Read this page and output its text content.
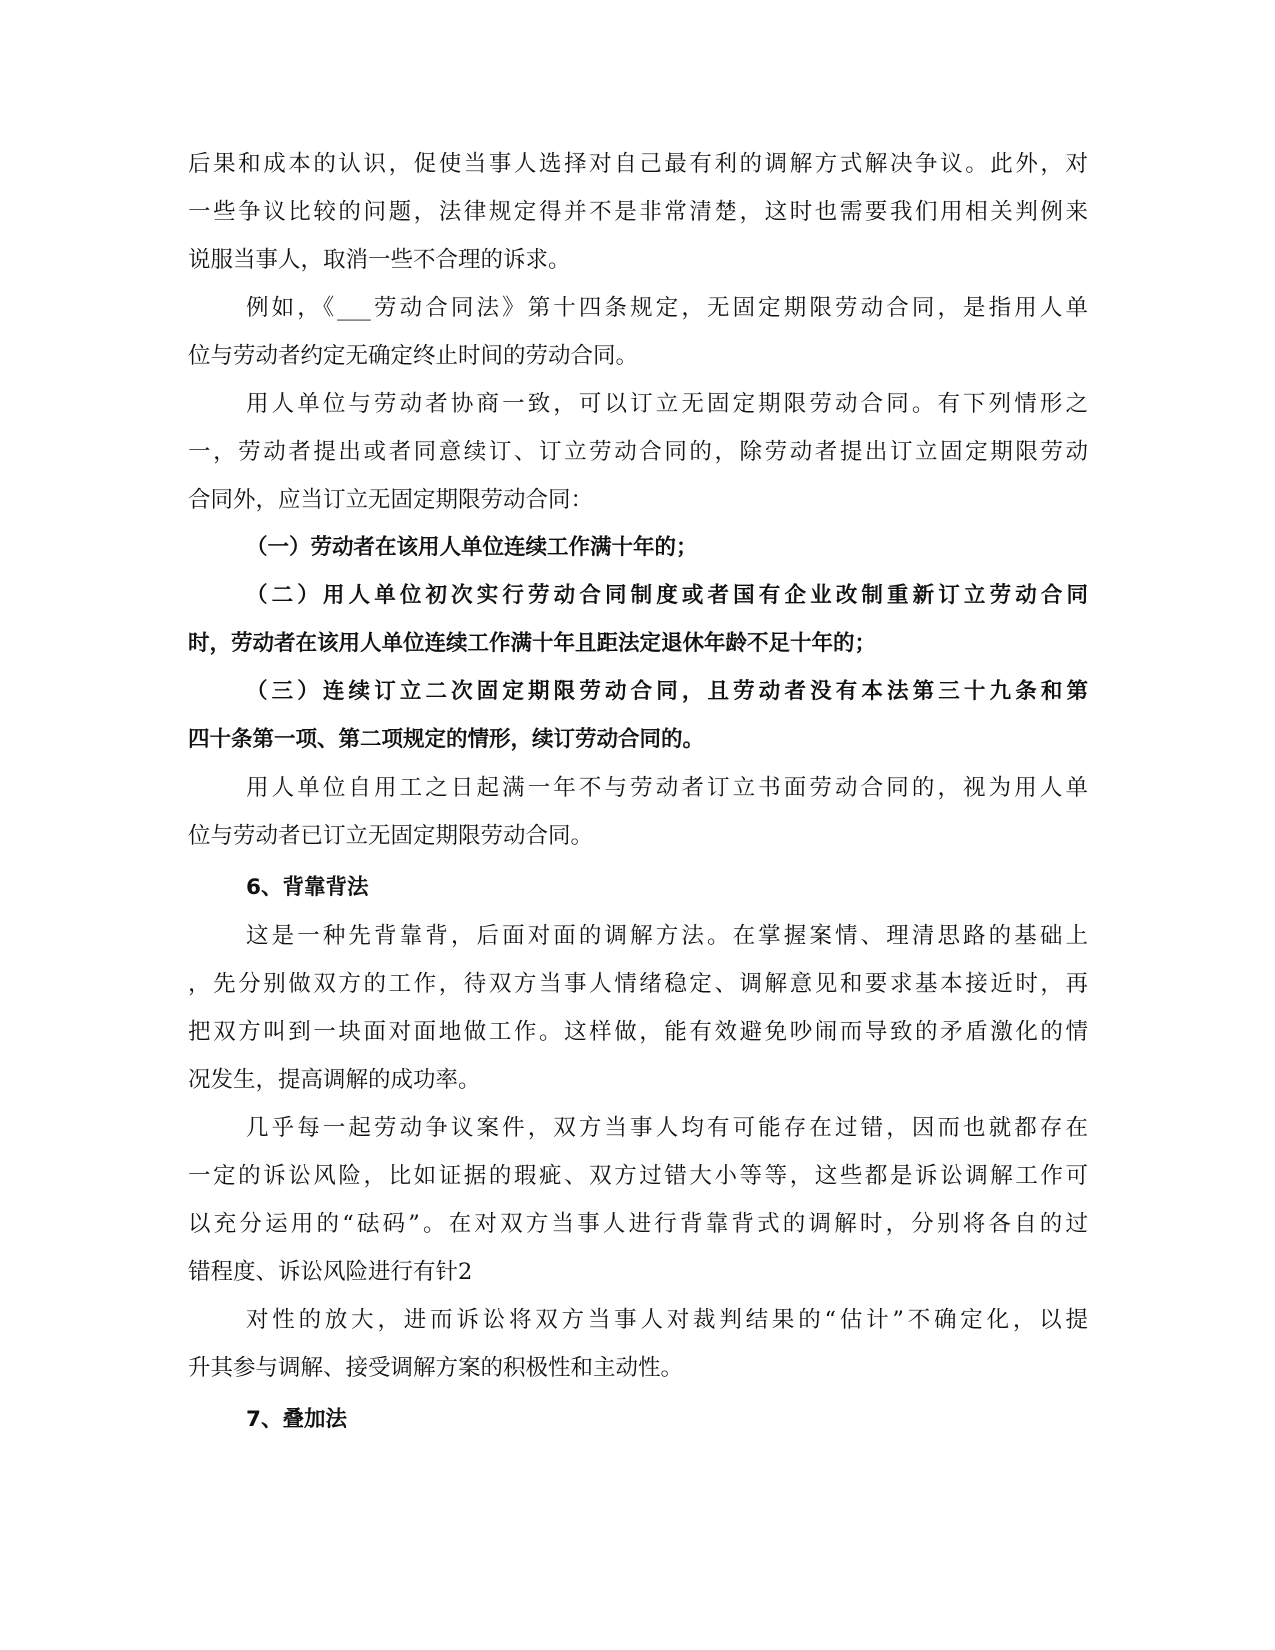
后果和成本的认识，促使当事人选择对自己最有利的调解方式解决争议。此外，对
一些争议比较的问题，法律规定得并不是非常清楚，这时也需要我们用相关判例来
说服当事人，取消一些不合理的诉求。
例如，《___劳动合同法》第十四条规定，无固定期限劳动合同，是指用人单
位与劳动者约定无确定终止时间的劳动合同。
用人单位与劳动者协商一致，可以订立无固定期限劳动合同。有下列情形之
一，劳动者提出或者同意续订、订立劳动合同的，除劳动者提出订立固定期限劳动
合同外，应当订立无固定期限劳动合同：
（一）劳动者在该用人单位连续工作满十年的；
（二）用人单位初次实行劳动合同制度或者国有企业改制重新订立劳动合同
时，劳动者在该用人单位连续工作满十年且距法定退休年龄不足十年的；
（三）连续订立二次固定期限劳动合同，且劳动者没有本法第三十九条和第
四十条第一项、第二项规定的情形，续订劳动合同的。
用人单位自用工之日起满一年不与劳动者订立书面劳动合同的，视为用人单
位与劳动者已订立无固定期限劳动合同。
6、背靠背法
这是一种先背靠背，后面对面的调解方法。在掌握案情、理清思路的基础上
，先分别做双方的工作，待双方当事人情绪稳定、调解意见和要求基本接近时，再
把双方叫到一块面对面地做工作。这样做，能有效避免吵闹而导致的矛盾激化的情
况发生，提高调解的成功率。
几乎每一起劳动争议案件，双方当事人均有可能存在过错，因而也就都存在
一定的诉讼风险，比如证据的瑕疵、双方过错大小等等，这些都是诉讼调解工作可
以充分运用的“砝码”。在对双方当事人进行背靠背式的调解时，分别将各自的过
错程度、诉讼风险进行有针2
对性的放大，进而诉讼将双方当事人对裁判结果的“估计”不确定化，以提
升其参与调解、接受调解方案的积极性和主动性。
7、叠加法
